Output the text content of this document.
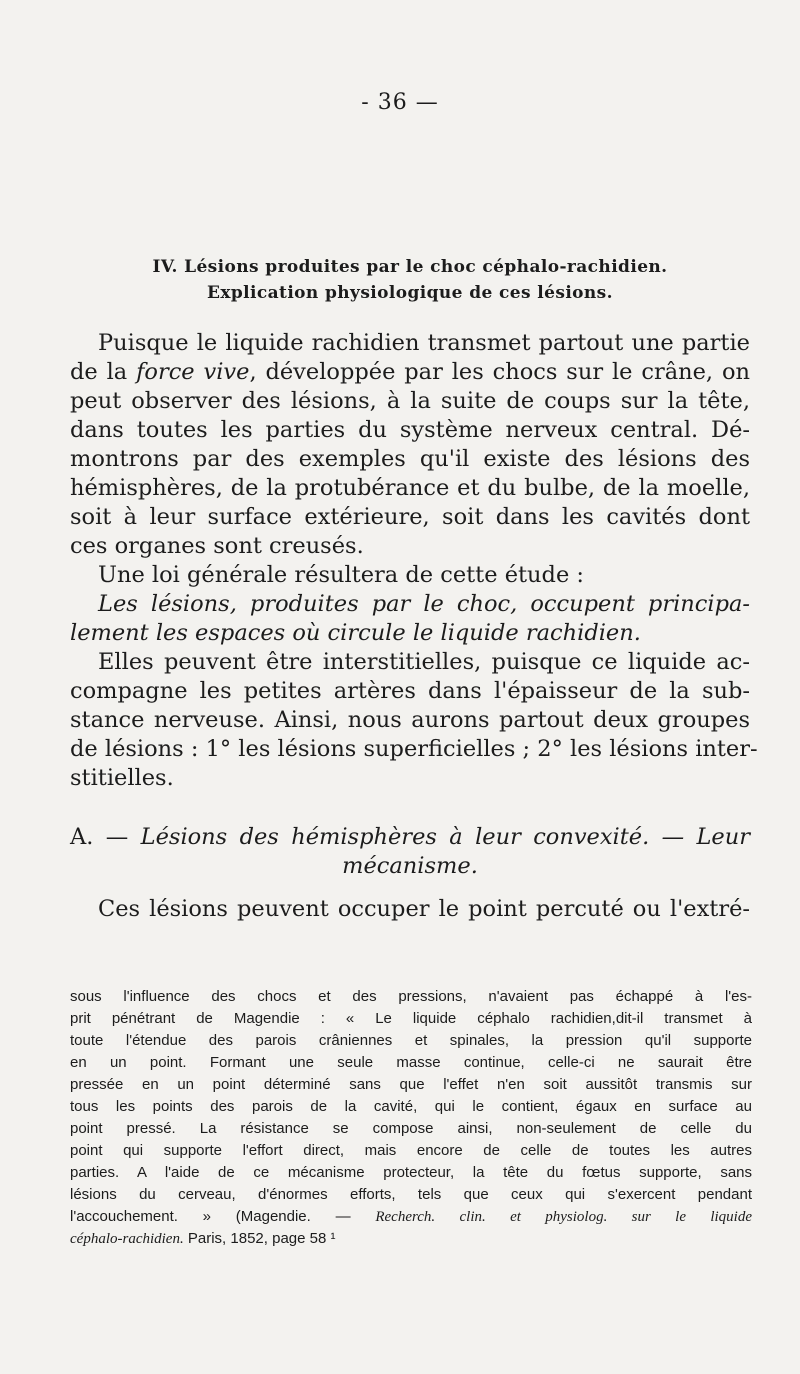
- 36 —
IV. Lésions produites par le choc céphalo-rachidien.
Explication physiologique de ces lésions.
Puisque le liquide rachidien transmet partout une partie
de la force vive, développée par les chocs sur le crâne, on
peut observer des lésions, à la suite de coups sur la tête,
dans toutes les parties du système nerveux central. Dé-
montrons par des exemples qu'il existe des lésions des
hémisphères, de la protubérance et du bulbe, de la moelle,
soit à leur surface extérieure, soit dans les cavités dont
ces organes sont creusés.
Une loi générale résultera de cette étude :
Les lésions, produites par le choc, occupent principa-
lement les espaces où circule le liquide rachidien.
Elles peuvent être interstitielles, puisque ce liquide ac-
compagne les petites artères dans l'épaisseur de la sub-
stance nerveuse. Ainsi, nous aurons partout deux groupes
de lésions : 1° les lésions superficielles ; 2° les lésions inter-
stitielles.
A. — Lésions des hémisphères à leur convexité. — Leur
mécanisme.
Ces lésions peuvent occuper le point percuté ou l'extré-
sous l'influence des chocs et des pressions, n'avaient pas échappé à l'es-
prit pénétrant de Magendie : « Le liquide céphalo rachidien,dit-il transmet à
toute l'étendue des parois crâniennes et spinales, la pression qu'il supporte
en un point. Formant une seule masse continue, celle-ci ne saurait être
pressée en un point déterminé sans que l'effet n'en soit aussitôt transmis sur
tous les points des parois de la cavité, qui le contient, égaux en surface au
point pressé. La résistance se compose ainsi, non-seulement de celle du
point qui supporte l'effort direct, mais encore de celle de toutes les autres
parties. A l'aide de ce mécanisme protecteur, la tête du fœtus supporte, sans
lésions du cerveau, d'énormes efforts, tels que ceux qui s'exercent pendant
l'accouchement. » (Magendie. — Recherch. clin. et physiolog. sur le liquide
céphalo-rachidien. Paris, 1852, page 58 ¹
